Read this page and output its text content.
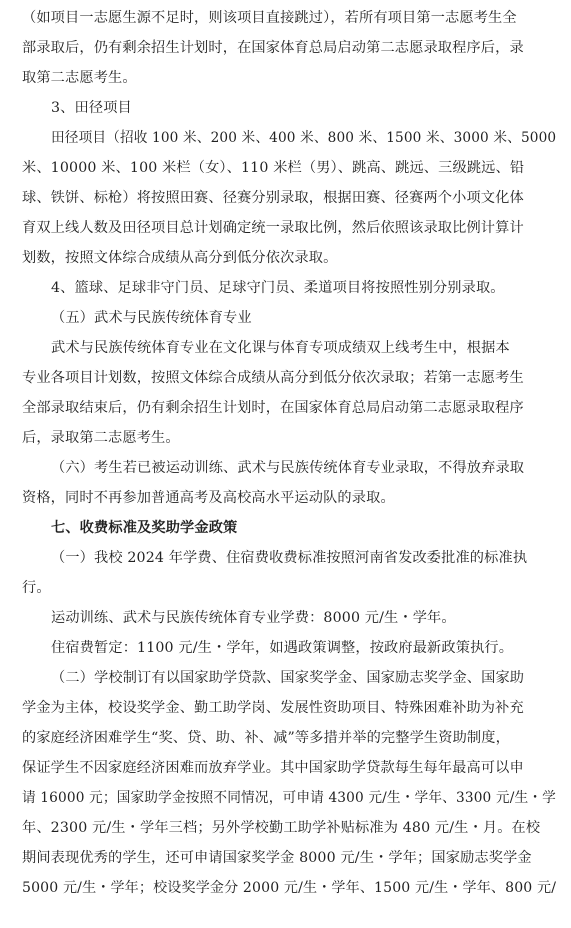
（如项目一志愿生源不足时，则该项目直接跳过），若所有项目第一志愿考生全
部录取后，仍有剩余招生计划时，在国家体育总局启动第二志愿录取程序后，录
取第二志愿考生。
3、田径项目
田径项目（招收 100 米、200 米、400 米、800 米、1500 米、3000 米、5000
米、10000 米、100 米栏（女）、110 米栏（男）、跳高、跳远、三级跳远、铅
球、铁饼、标枪）将按照田赛、径赛分别录取，根据田赛、径赛两个小项文化体
育双上线人数及田径项目总计划确定统一录取比例，然后依照该录取比例计算计
划数，按照文体综合成绩从高分到低分依次录取。
4、篮球、足球非守门员、足球守门员、柔道项目将按照性别分别录取。
（五）武术与民族传统体育专业
武术与民族传统体育专业在文化课与体育专项成绩双上线考生中，根据本
专业各项目计划数，按照文体综合成绩从高分到低分依次录取；若第一志愿考生
全部录取结束后，仍有剩余招生计划时，在国家体育总局启动第二志愿录取程序
后，录取第二志愿考生。
（六）考生若已被运动训练、武术与民族传统体育专业录取，不得放弃录取
资格，同时不再参加普通高考及高校高水平运动队的录取。
七、收费标准及奖助学金政策
（一）我校 2024 年学费、住宿费收费标准按照河南省发改委批准的标准执
行。
运动训练、武术与民族传统体育专业学费：8000 元/生・学年。
住宿费暂定：1100 元/生・学年，如遇政策调整，按政府最新政策执行。
（二）学校制订有以国家助学贷款、国家奖学金、国家励志奖学金、国家助
学金为主体，校设奖学金、勤工助学岗、发展性资助项目、特殊困难补助为补充
的家庭经济困难学生“奖、贷、助、补、减”等多措并举的完整学生资助制度，
保证学生不因家庭经济困难而放弃学业。其中国家助学贷款每生每年最高可以申
请 16000 元；国家助学金按照不同情况，可申请 4300 元/生・学年、3300 元/生・学
年、2300 元/生・学年三档；另外学校勤工助学补贴标准为 480 元/生・月。在校
期间表现优秀的学生，还可申请国家奖学金 8000 元/生・学年；国家励志奖学金
5000 元/生・学年；校设奖学金分 2000 元/生・学年、1500 元/生・学年、800 元/
